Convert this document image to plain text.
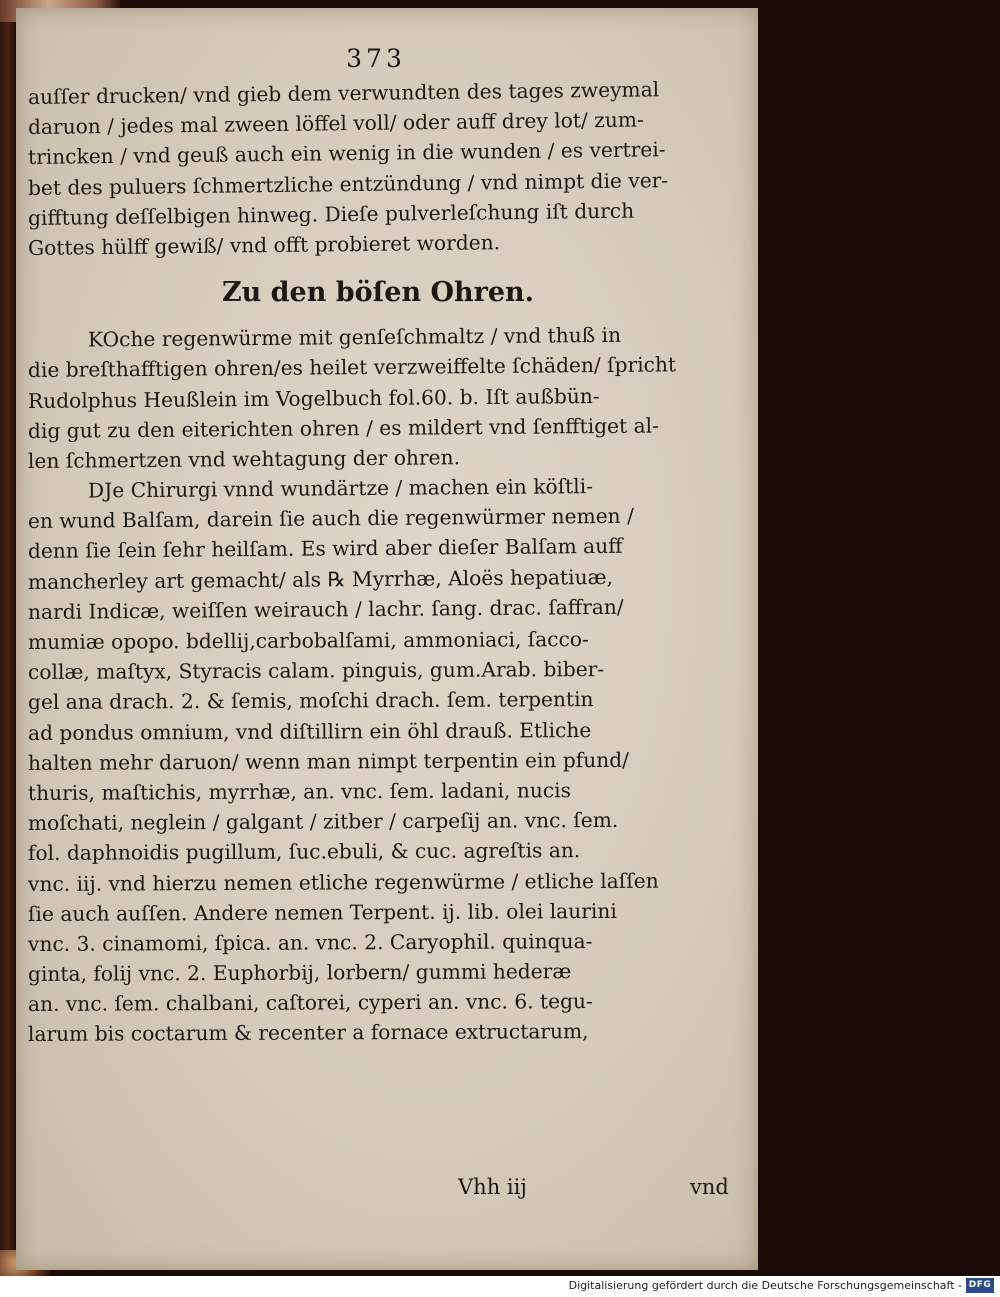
373

auſſer drucken/ vnd gieb dem verwundten des tages zweymal

daruon / jedes mal zween löffel voll/ oder auff drey lot/ zum-

trincken / vnd geuß auch ein wenig in die wunden / es vertrei-

bet des puluers ſchmertzliche entzündung / vnd nimpt die ver-

gifftung deſſelbigen hinweg. Dieſe pulverleſchung iſt durch

Gottes hülff gewiß/ vnd offt probieret worden.

Zu den böſen Ohren.

KOche regenwürme mit genſeſchmaltz / vnd thuß in

die breſthafftigen ohren/es heilet verzweiffelte ſchäden/ ſpricht

Rudolphus Heußlein im Vogelbuch fol.60. b. Iſt außbün-

dig gut zu den eiterichten ohren / es mildert vnd ſenfftiget al-

len ſchmertzen vnd wehtagung der ohren.

DJe Chirurgi vnnd wundärtze / machen ein köſtli-

en wund Balſam, darein ſie auch die regenwürmer nemen /

denn ſie ſein ſehr heilſam. Es wird aber dieſer Balſam auff

mancherley art gemacht/ als ℞ Myrrhæ, Aloës hepatiuæ,

nardi Indicæ, weiſſen weirauch / lachr. ſang. drac. ſaffran/

mumiæ opopo. bdellij,carbobalſami, ammoniaci, ſacco-

collæ, maſtyx, Styracis calam. pinguis, gum.Arab. biber-

gel ana drach. 2. & ſemis, moſchi drach. ſem. terpentin

ad pondus omnium, vnd diſtillirn ein öhl drauß. Etliche

halten mehr daruon/ wenn man nimpt terpentin ein pfund/

thuris, maſtichis, myrrhæ, an. vnc. ſem. ladani, nucis

moſchati, neglein / galgant / zitber / carpeſij an. vnc. ſem.

fol. daphnoidis pugillum, ſuc.ebuli, & cuc. agreſtis an.

vnc. iij. vnd hierzu nemen etliche regenwürme / etliche laſſen

ſie auch auſſen. Andere nemen Terpent. ij. lib. olei laurini

vnc. 3. cinamomi, ſpica. an. vnc. 2. Caryophil. quinqua-

ginta, folij vnc. 2. Euphorbij, lorbern/ gummi hederæ

an. vnc. ſem. chalbani, caſtorei, cyperi an. vnc. 6. tegu-

larum bis coctarum & recenter a fornace extructarum,

Vhh iij	vnd

Digitalisierung gefördert durch die Deutsche Forschungsgemeinschaft - DFG
